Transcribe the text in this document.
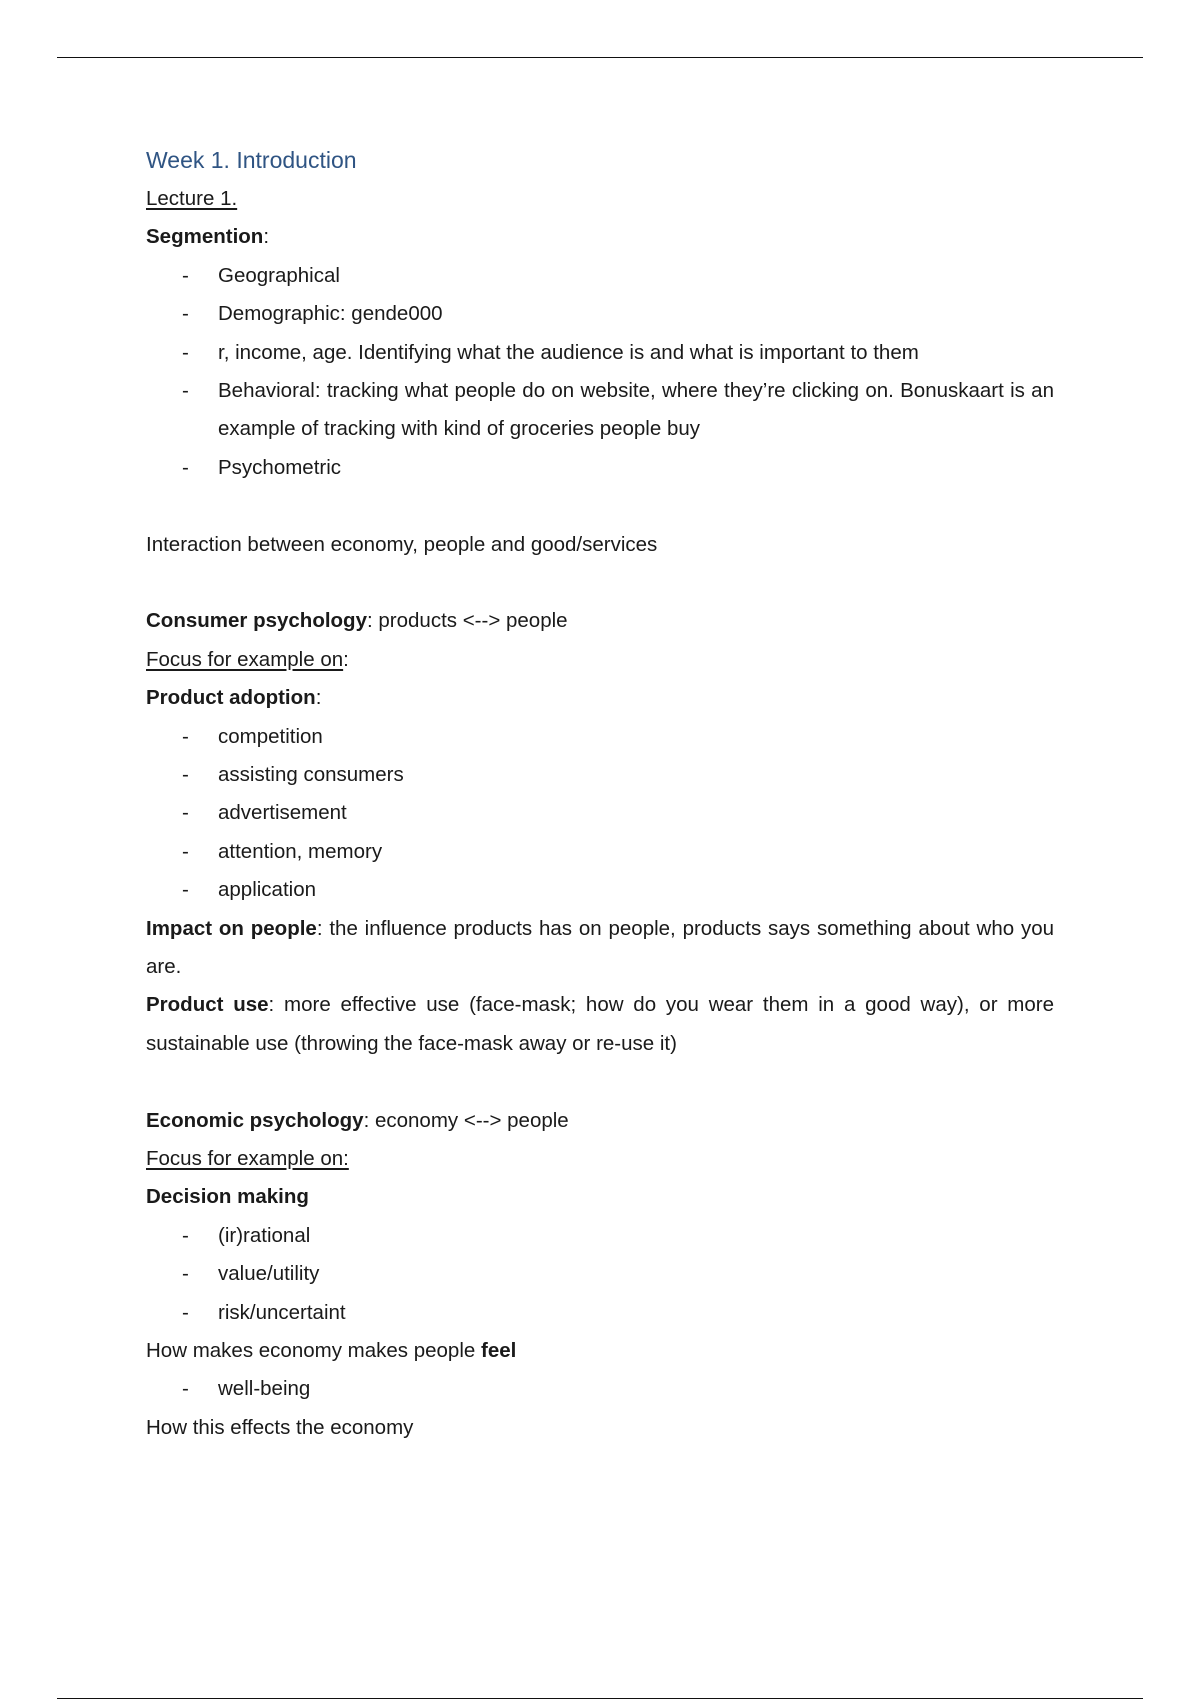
Week 1. Introduction
Lecture 1.
Segmention:
- Geographical
- Demographic: gende000
- r, income, age. Identifying what the audience is and what is important to them
- Behavioral: tracking what people do on website, where they’re clicking on. Bonuskaart is an example of tracking with kind of groceries people buy
- Psychometric
Interaction between economy, people and good/services
Consumer psychology: products <--> people
Focus for example on:
Product adoption:
- competition
- assisting consumers
- advertisement
- attention, memory
- application
Impact on people: the influence products has on people, products says something about who you are.
Product use: more effective use (face-mask; how do you wear them in a good way), or more sustainable use (throwing the face-mask away or re-use it)
Economic psychology: economy <--> people
Focus for example on:
Decision making
- (ir)rational
- value/utility
- risk/uncertaint
How makes economy makes people feel
- well-being
How this effects the economy
